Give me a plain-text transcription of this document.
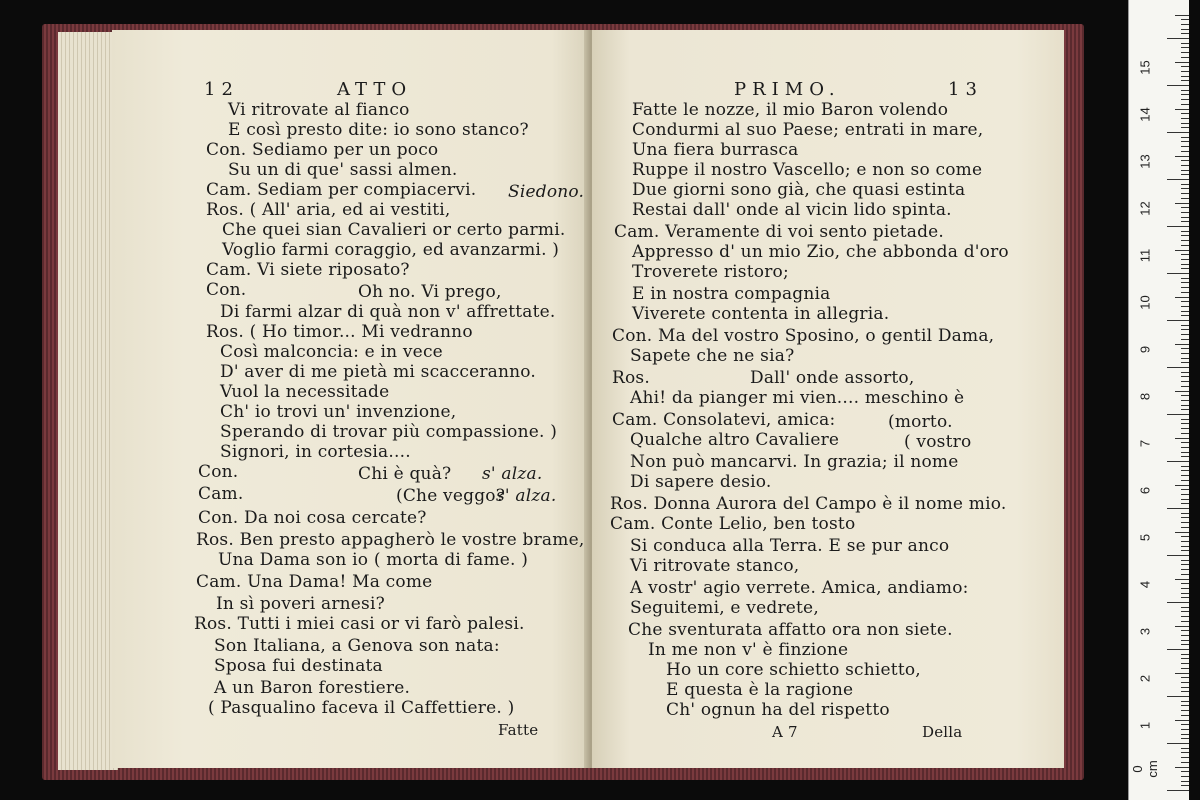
12	ATTO
Vi ritrovate al fianco
E così presto dite: io sono stanco?
Con. Sediamo per un poco
Su un di que' sassi almen.
Cam. Sediam per compiacervi. Siedono.
Ros. ( All' aria, ed ai vestiti,
Che quei sian Cavalieri or certo parmi.
Voglio farmi coraggio, ed avanzarmi. )
Cam. Vi siete riposato?
Con.	Oh no. Vi prego,
Di farmi alzar di quà non v' affrettate.
Ros. ( Ho timor... Mi vedranno
Così malconcia: e in vece
D' aver di me pietà mi scacceranno.
Vuol la necessitade
Ch' io trovi un' invenzione,
Sperando di trovar più compassione. )
Signori, in cortesia....
Con.	Chi è quà? s' alza.
Cam.	(Che veggo?
s' alza.
Con. Da noi cosa cercate?
Ros. Ben presto appagherò le vostre brame,
Una Dama son io ( morta di fame. )
Cam. Una Dama! Ma come
In sì poveri arnesi?
Ros. Tutti i miei casi or vi farò palesi.
Son Italiana, a Genova son nata:
Sposa fui destinata
A un Baron forestiere.
( Pasqualino faceva il Caffettiere. )
Fatte
PRIMO.	13
Fatte le nozze, il mio Baron volendo
Condurmi al suo Paese; entrati in mare,
Una fiera burrasca
Ruppe il nostro Vascello; e non so come
Due giorni sono già, che quasi estinta
Restai dall' onde al vicin lido spinta.
Cam. Veramente di voi sento pietade.
Appresso d' un mio Zio, che abbonda d'oro
Troverete ristoro;
E in nostra compagnia
Viverete contenta in allegria.
Con. Ma del vostro Sposino, o gentil Dama,
Sapete che ne sia?
Ros.	Dall' onde assorto,
Ahi! da pianger mi vien.... meschino è
Cam. Consolatevi, amica:	(morto.
Qualche altro Cavaliere	( vostro
Non può mancarvi. In grazia; il nome
Di sapere desio.
Ros. Donna Aurora del Campo è il nome mio.
Cam. Conte Lelio, ben tosto
Si conduca alla Terra. E se pur anco
Vi ritrovate stanco,
A vostr' agio verrete. Amica, andiamo:
Seguitemi, e vedrete,
Che sventurata affatto ora non siete.
In me non v' è finzione
Ho un core schietto schietto,
E questa è la ragione
Ch' ognun ha del rispetto
A 7	Della
0 cm
1
2
3
4
5
6
7
8
9
10
11
12
13
14
15
